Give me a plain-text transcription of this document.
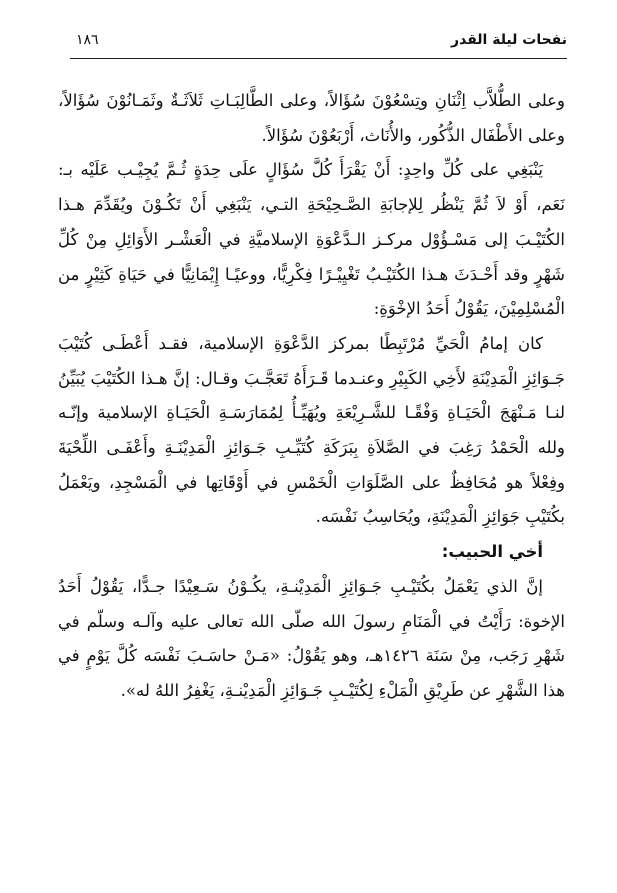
نفحات ليلة القدر
١٨٦

وعلى الطُّلاَّب اِثْنَانِ وتِسْعُوْنَ سُؤَالاً، وعلى الطَّالِبَـاتِ ثَلاَثَـةٌ وثَمَـانُوْنَ سُؤَالاً، وعلى الأَطْفَال الذُّكُور، والأُنَاث، أَرْبَعُوْنَ سُؤَالاً.

يَنْبَغِي على كُلِّ واحِدٍ: أَنْ يَقْرَأَ كُلَّ سُؤَالٍ علَى حِدَةٍ ثُـمَّ يُجِيْـب عَلَيْه بـ: نَعَم، أَوْ لاَ ثُمَّ يَنْظُر لِلإجابَةِ الصَّـحِيْحَةِ التـي، يَنْبَغِي أَنْ تَكُـوْنَ ويُقَدِّمَ هـذا الكُتَيْـبَ إلى مَسْـؤُوْل مركـز الـدَّعْوَةِ الإسلاميَّةِ في الْعَشْـر الأَوَائِلِ مِنْ كُلِّ شَهْرٍ وقد أَحْـدَثَ هـذا الكُتَيْـبُ تَغْيِيْـرًا فِكْرِيًّا، ووعيًـا إِيْمَانِيًّا في حَيَاةِ كَثِيْرٍ من الْمُسْلِمِيْنَ، يَقُوْلُ أَحَدُ الإخْوَةِ:

كان إمامُ الْحَيِّ مُرْتَبِطًا بمركز الدَّعْوَةِ الإسلامية، فقـد أَعْطَـى كُتَيْبَ جَـوَائِزِ الْمَدِيْنَةِ لأَخِي الكَبِيْرِ وعنـدما قَـرَأَهُ تَعَجَّـبَ وقـال: إنَّ هـذا الكُتَيْبَ يُبَيِّنُ لنـا مَـنْهَجَ الْحَيَـاةِ وَفْقًـا للشَّـرِيْعَةِ ويُهَيِّـأُ لِمُمَارَسَـةِ الْحَيَـاةِ الإسلامية وإنّـه ولله الْحَمْدُ رَغِبَ في الصَّلاَةِ بِبَرَكَةِ كُتَيِّـبِ جَـوَائِزِ الْمَدِيْنَـةِ وأَعْفَـى اللِّحْيَةَ وفِعْلاً هو مُحَافِظٌ على الصَّلَوَاتِ الْخَمْسِ في أَوْقَاتِها في الْمَسْجِدِ، ويَعْمَلُ بكُتَيْبِ جَوَائِزِ الْمَدِيْنَةِ، ويُحَاسِبُ نَفْسَه.

أخي الحبيب:

إنَّ الذي يَعْمَلُ بكُتَيْـبِ جَـوَائِزِ الْمَدِيْنـةِ، يكُـوْنُ سَـعِيْدًا جـدًّا، يَقُوْلُ أَحَدُ الإخوة: رَأَيْتُ في الْمَنَامِ رسولَ الله صلّى الله تعالى عليه وآلـه وسلّم في شَهْرِ رَجَب، مِنْ سَنَة ١٤٢٦هـ، وهو يَقُوْلُ: «مَـنْ حاسَـبَ نَفْسَه كُلَّ يَوْمٍ في هذا الشَّهْرِ عن طَرِيْقِ الْمَلْءِ لِكُتَيْـبِ جَـوَائِزِ الْمَدِيْنـةِ، يَغْفِرُ اللهُ له».
